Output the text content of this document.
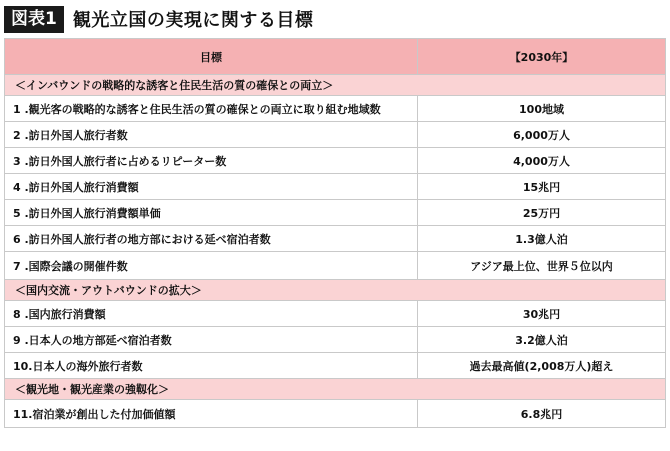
図表1 観光立国の実現に関する目標
目標	【2030年】
＜インバウンドの戦略的な誘客と住民生活の質の確保との両立＞	
1 .観光客の戦略的な誘客と住民生活の質の確保との両立に取り組む地域数	100地域
2 .訪日外国人旅行者数	6,000万人
3 .訪日外国人旅行者に占めるリピーター数	4,000万人
4 .訪日外国人旅行消費額	15兆円
5 .訪日外国人旅行消費額単価	25万円
6 .訪日外国人旅行者の地方部における延べ宿泊者数	1.3億人泊
7 .国際会議の開催件数	アジア最上位、世界５位以内
＜国内交流・アウトバウンドの拡大＞	
8 .国内旅行消費額	30兆円
9 .日本人の地方部延べ宿泊者数	3.2億人泊
10.日本人の海外旅行者数	過去最高値(2,008万人)超え
＜観光地・観光産業の強靱化＞	
11.宿泊業が創出した付加価値額	6.8兆円
